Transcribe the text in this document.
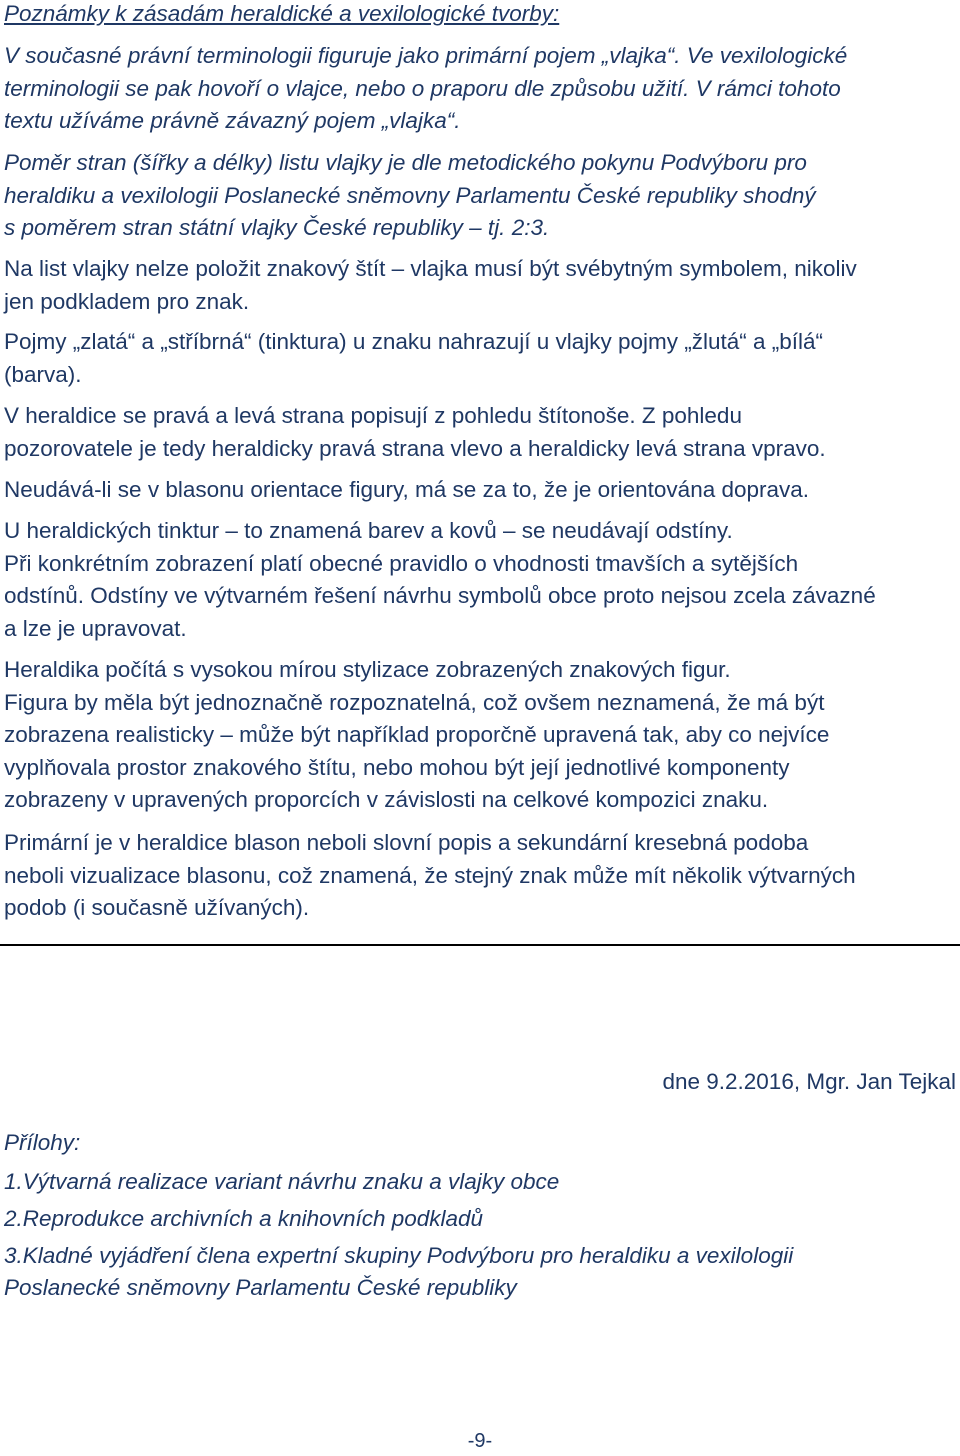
Poznámky k zásadám heraldické a vexilologické tvorby:
V současné právní terminologii figuruje jako primární pojem „vlajka“. Ve vexilologické
terminologii se pak hovoří o vlajce, nebo o praporu dle způsobu užití. V rámci tohoto
textu užíváme právně závazný pojem „vlajka“.
Poměr stran (šířky a délky) listu vlajky je dle metodického pokynu Podvýboru pro
heraldiku a vexilologii Poslanecké sněmovny Parlamentu České republiky shodný
s poměrem stran státní vlajky České republiky – tj. 2:3.
Na list vlajky nelze položit znakový štít – vlajka musí být svébytným symbolem, nikoliv
jen podkladem pro znak.
Pojmy „zlatá“ a „stříbrná“ (tinktura) u znaku nahrazují u vlajky pojmy „žlutá“ a „bílá“
(barva).
V heraldice se pravá a levá strana popisují z pohledu štítonoše. Z pohledu
pozorovatele je tedy heraldicky pravá strana vlevo a heraldicky levá strana vpravo.
Neudává-li se v blasonu orientace figury, má se za to, že je orientována doprava.
U heraldických tinktur – to znamená barev a kovů – se neudávají odstíny.
Při konkrétním zobrazení platí obecné pravidlo o vhodnosti tmavších a sytějších
odstínů. Odstíny ve výtvarném řešení návrhu symbolů obce proto nejsou zcela závazné
a lze je upravovat.
Heraldika počítá s vysokou mírou stylizace zobrazených znakových figur.
Figura by měla být jednoznačně rozpoznatelná, což ovšem neznamená, že má být
zobrazena realisticky – může být například proporčně upravená tak, aby co nejvíce
vyplňovala prostor znakového štítu, nebo mohou být její jednotlivé komponenty
zobrazeny v upravených proporcích v závislosti na celkové kompozici znaku.
Primární je v heraldice blason neboli slovní popis a sekundární kresebná podoba
neboli vizualizace blasonu, což znamená, že stejný znak může mít několik výtvarných
podob (i současně užívaných).

dne 9.2.2016, Mgr. Jan Tejkal

Přílohy:

1.Výtvarná realizace variant návrhu znaku a vlajky obce
2.Reprodukce archivních a knihovních podkladů
3.Kladné vyjádření člena expertní skupiny Podvýboru pro heraldiku a vexilologii
Poslanecké sněmovny Parlamentu České republiky

-9-
